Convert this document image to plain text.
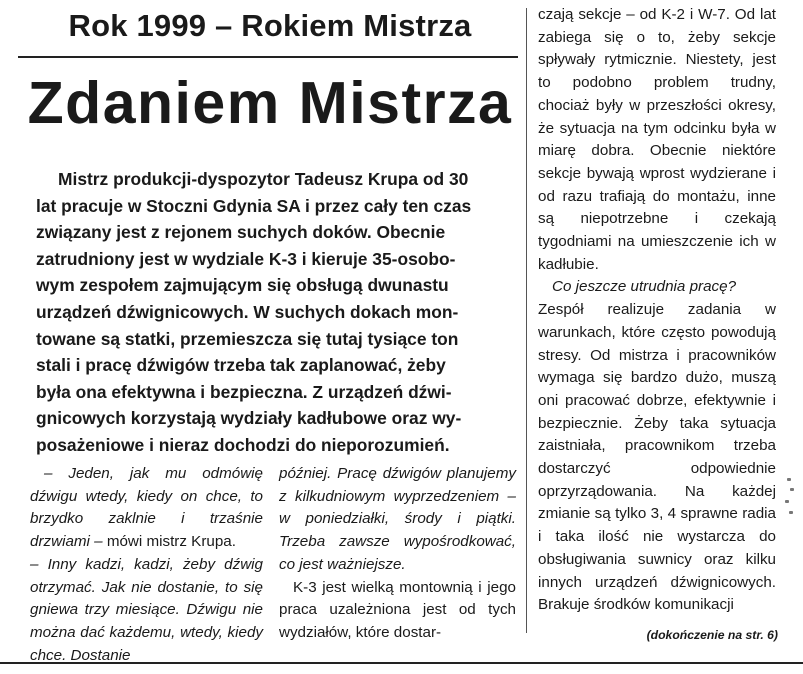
Rok 1999 – Rokiem Mistrza
Zdaniem Mistrza
Mistrz produkcji-dyspozytor Tadeusz Krupa od 30
lat pracuje w Stoczni Gdynia SA i przez cały ten czas
związany jest z rejonem suchych doków. Obecnie
zatrudniony jest w wydziale K-3 i kieruje 35-osobo-
wym zespołem zajmującym się obsługą dwunastu
urządzeń dźwignicowych. W suchych dokach mon-
towane są statki, przemieszcza się tutaj tysiące ton
stali i pracę dźwigów trzeba tak zaplanować, żeby
była ona efektywna i bezpieczna. Z urządzeń dźwi-
gnicowych korzystają wydziały kadłubowe oraz wy-
posażeniowe i nieraz dochodzi do nieporozumień.

– Jeden, jak mu odmówię dźwigu wtedy, kiedy on chce, to brzydko zaklnie i trzaśnie drzwiami – mówi mistrz Krupa.

– Inny kadzi, kadzi, żeby dźwig otrzymać. Jak nie dostanie, to się gniewa trzy miesiące. Dźwigu nie można dać każdemu, wtedy, kiedy chce. Dostanie

później. Pracę dźwigów planujemy z kilkudniowym wyprzedzeniem – w poniedziałki, środy i piątki. Trzeba zawsze wypośrodkować, co jest ważniejsze.

K-3 jest wielką montownią i jego praca uzależniona jest od tych wydziałów, które dostar-

czają sekcje – od K-2 i W-7. Od lat zabiega się o to, żeby sekcje spływały rytmicznie. Niestety, jest to podobno problem trudny, chociaż były w przeszłości okresy, że sytuacja na tym odcinku była w miarę dobra. Obecnie niektóre sekcje bywają wprost wydzierane i od razu trafiają do montażu, inne są niepotrzebne i czekają tygodniami na umieszczenie ich w kadłubie.

Co jeszcze utrudnia pracę?

Zespół realizuje zadania w warunkach, które często powodują stresy. Od mistrza i pracowników wymaga się bardzo dużo, muszą oni pracować dobrze, efektywnie i bezpiecznie. Żeby taka sytuacja zaistniała, pracownikom trzeba dostarczyć odpowiednie oprzyrządowania. Na każdej zmianie są tylko 3, 4 sprawne radia i taka ilość nie wystarcza do obsługiwania suwnicy oraz kilku innych urządzeń dźwignicowych. Brakuje środków komunikacji

(dokończenie na str. 6)
